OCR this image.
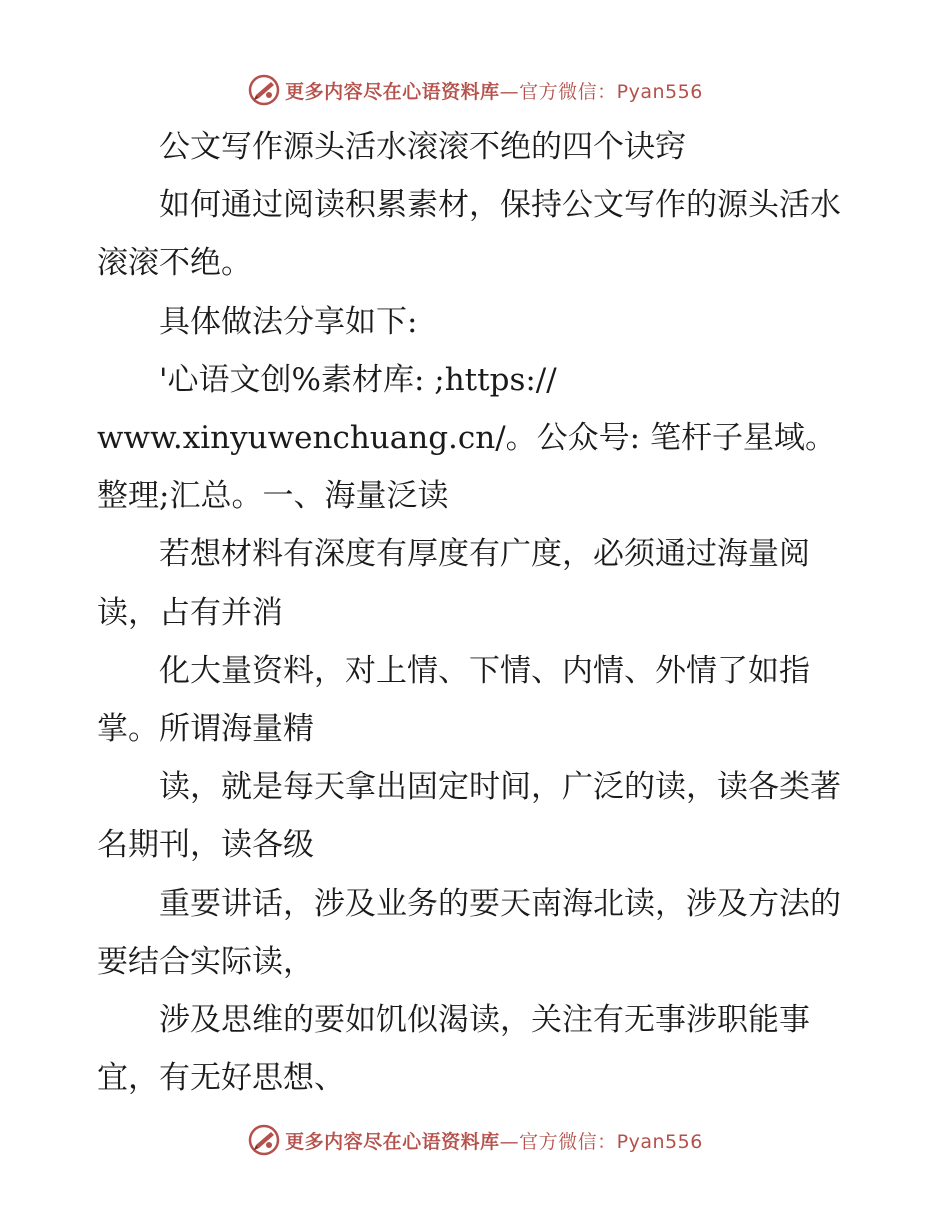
更多内容尽在心语资料库 —官方微信：Pyan556

公文写作源头活水滚滚不绝的四个诀窍

如何通过阅读积累素材，保持公文写作的源头活水滚滚不绝。

具体做法分享如下:

'心语文创%素材库: ;https://

www.xinyuwenchuang.cn/。公众号: 笔杆子星域。整理;汇总。一、海量泛读

若想材料有深度有厚度有广度，必须通过海量阅读，占有并消

化大量资料，对上情、下情、内情、外情了如指掌。所谓海量精

读，就是每天拿出固定时间，广泛的读，读各类著名期刊，读各级

重要讲话，涉及业务的要天南海北读，涉及方法的要结合实际读，

涉及思维的要如饥似渴读，关注有无事涉职能事宜，有无好思想、

更多内容尽在心语资料库 —官方微信：Pyan556
